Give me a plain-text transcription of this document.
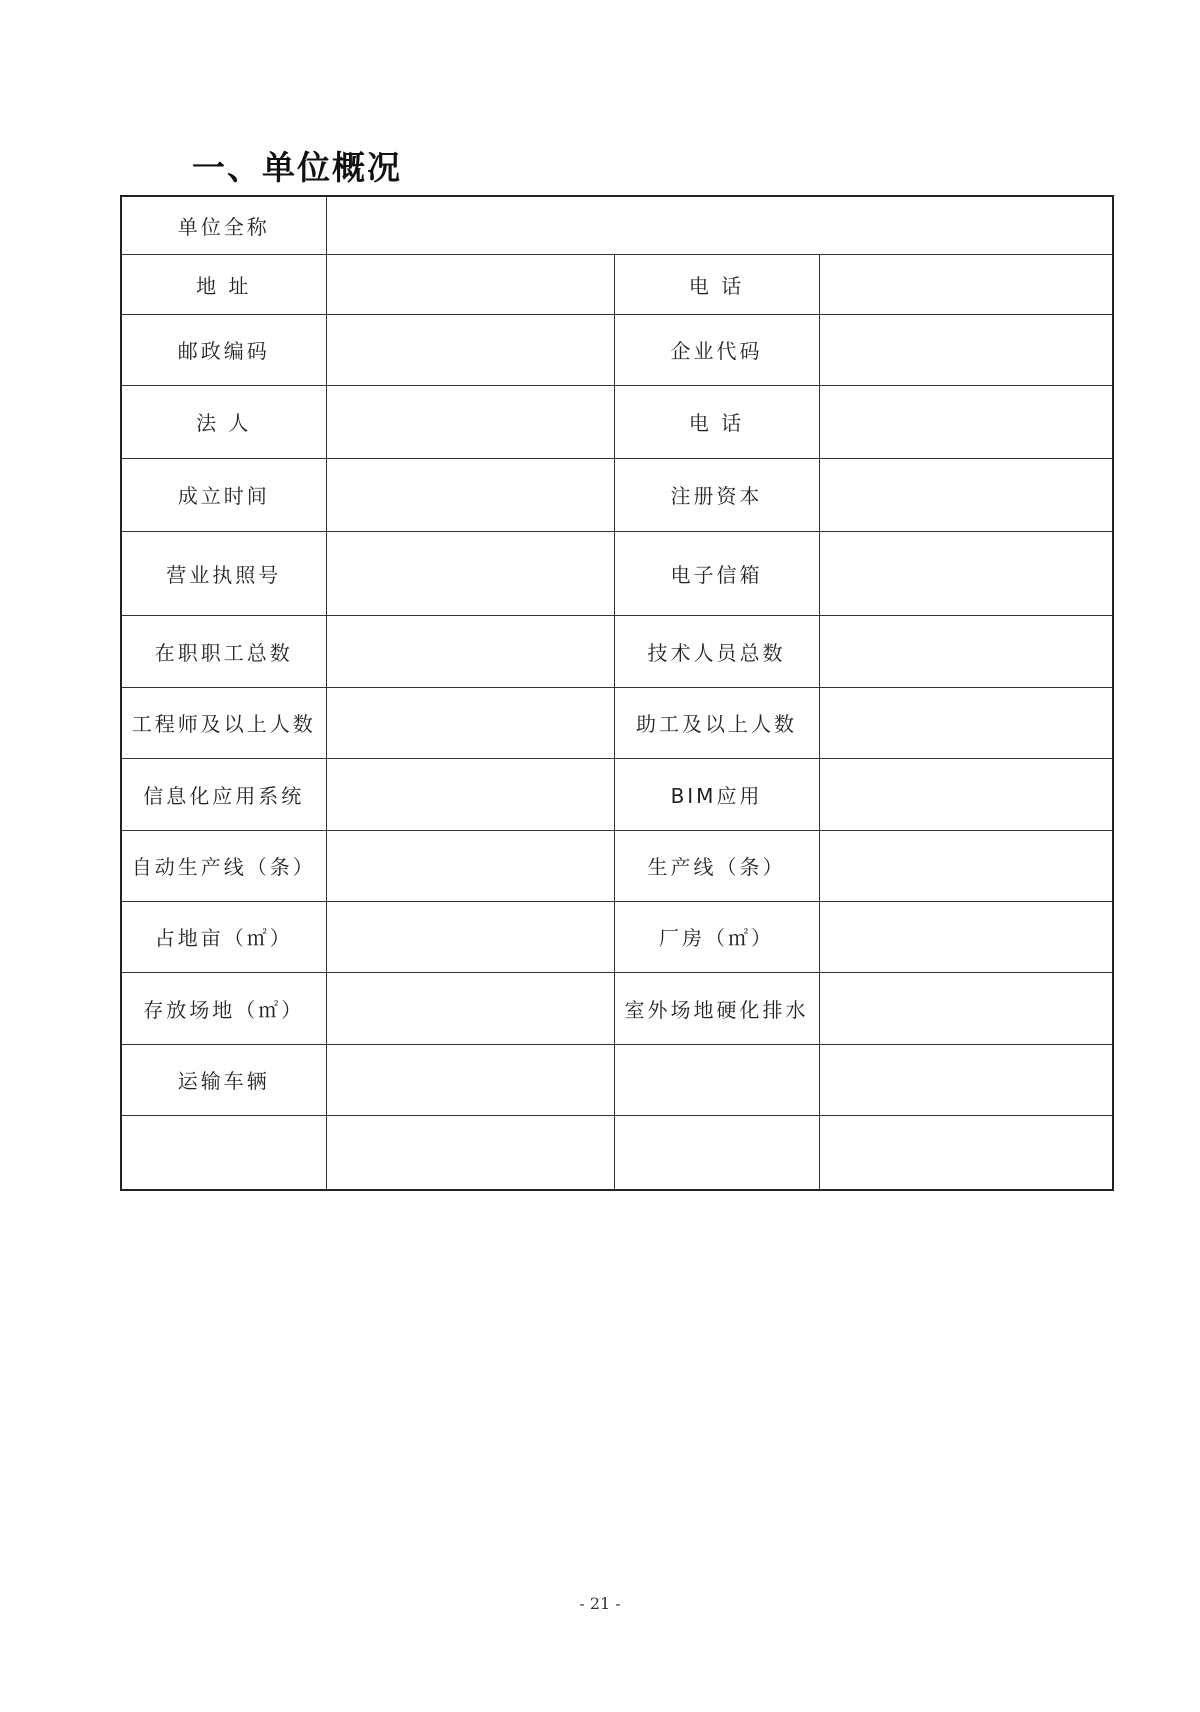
一、单位概况
单位全称			
地 址		电 话	
邮政编码		企业代码	
法 人		电 话	
成立时间		注册资本	
营业执照号		电子信箱	
在职职工总数		技术人员总数	
工程师及以上人数		助工及以上人数	
信息化应用系统		BIM应用	
自动生产线（条）		生产线（条）	
占地亩（㎡）		厂房（㎡）	
存放场地（㎡）		室外场地硬化排水	
运输车辆			

- 21 -
